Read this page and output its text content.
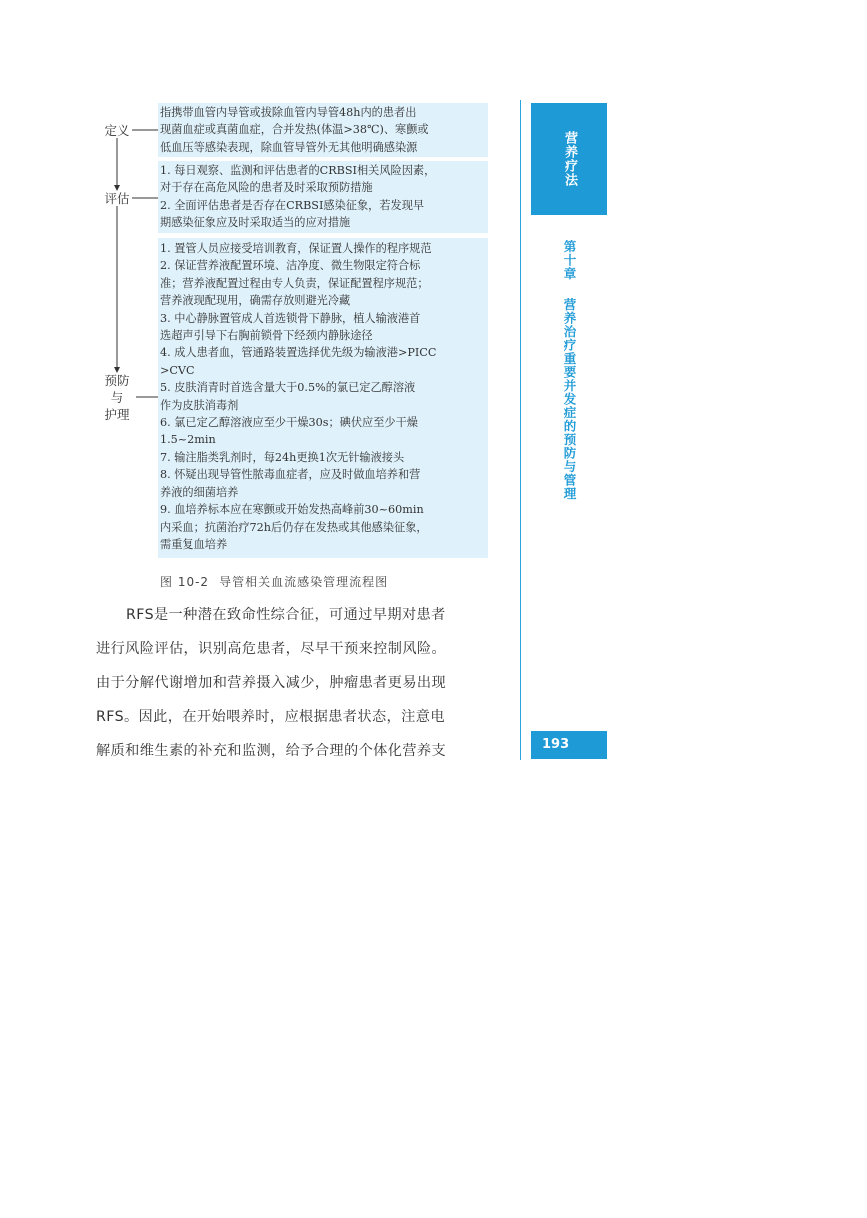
定义
评估
预防
与
护理
指携带血管内导管或拔除血管内导管48h内的患者出
现菌血症或真菌血症，合并发热(体温>38℃)、寒颤或
低血压等感染表现，除血管导管外无其他明确感染源
1. 每日观察、监测和评估患者的CRBSI相关风险因素，
对于存在高危风险的患者及时采取预防措施
2. 全面评估患者是否存在CRBSI感染征象，若发现早
期感染征象应及时采取适当的应对措施
1. 置管人员应接受培训教育，保证置人操作的程序规范
2. 保证营养液配置环境、洁净度、微生物限定符合标
准；营养液配置过程由专人负责，保证配置程序规范；
营养液现配现用，确需存放则避光冷藏
3. 中心静脉置管成人首选锁骨下静脉，植人输液港首
选超声引导下右胸前锁骨下经颈内静脉途径
4. 成人患者血，管通路装置选择优先级为输液港>PICC
>CVC
5. 皮肤消青时首选含量大于0.5%的氯已定乙醇溶液
作为皮肤消毒剂
6. 氯已定乙醇溶液应至少干燥30s；碘伏应至少干燥
1.5~2min
7. 输注脂类乳剂时，每24h更换1次无针输液接头
8. 怀疑出现导管性脓毒血症者，应及时做血培养和营
养液的细菌培养
9. 血培养标本应在寒颤或开始发热高峰前30~60min
内采血；抗菌治疗72h后仍存在发热或其他感染征象，
需重复血培养
图 10-2 导管相关血流感染管理流程图
RFS是一种潜在致命性综合征，可通过早期对患者
进行风险评估，识别高危患者，尽早干预来控制风险。
由于分解代谢增加和营养摄入减少，肿瘤患者更易出现
RFS。因此，在开始喂养时，应根据患者状态，注意电
解质和维生素的补充和监测，给予合理的个体化营养支
营养疗法
第十章
营养治疗重要并发症的预防与管理
193
